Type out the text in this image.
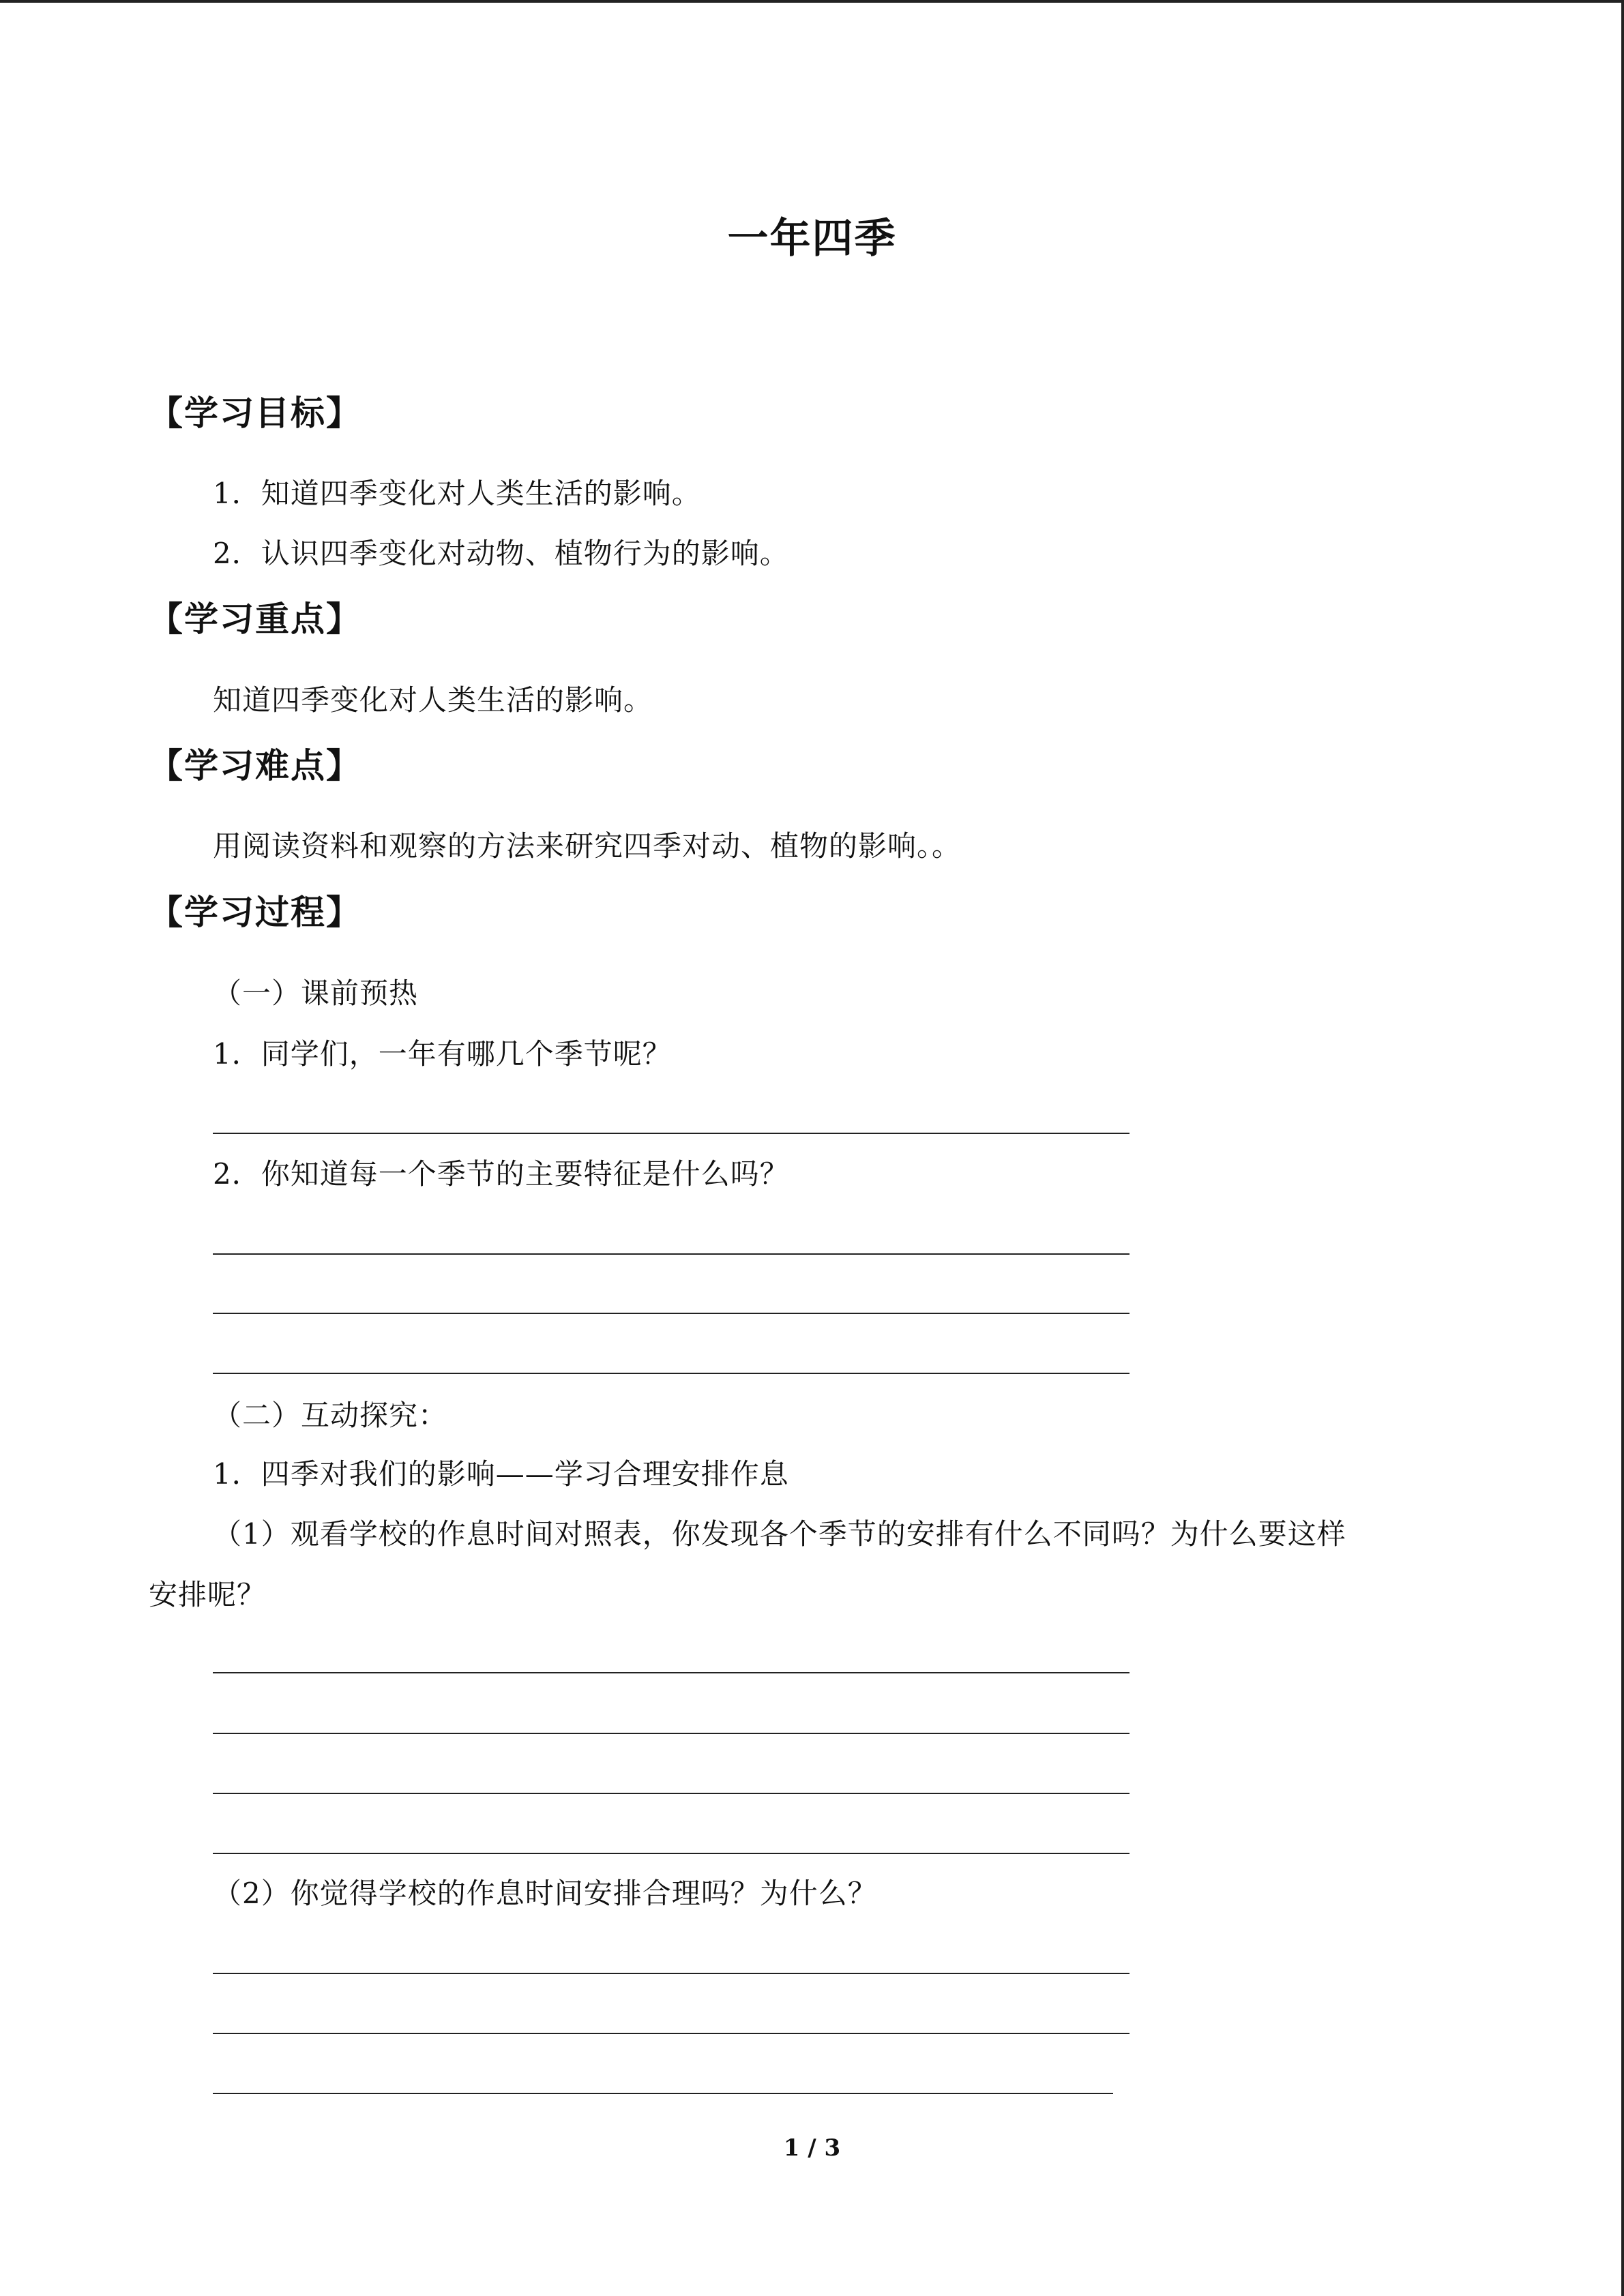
一年四季
【学习目标】
1．知道四季变化对人类生活的影响。
2．认识四季变化对动物、植物行为的影响。
【学习重点】
知道四季变化对人类生活的影响。
【学习难点】
用阅读资料和观察的方法来研究四季对动、植物的影响。。
【学习过程】
（一）课前预热
1．同学们，一年有哪几个季节呢？
2．你知道每一个季节的主要特征是什么吗？
（二）互动探究：
1．四季对我们的影响——学习合理安排作息
（1）观看学校的作息时间对照表，你发现各个季节的安排有什么不同吗？为什么要这样
安排呢？
（2）你觉得学校的作息时间安排合理吗？为什么？
1 / 3
